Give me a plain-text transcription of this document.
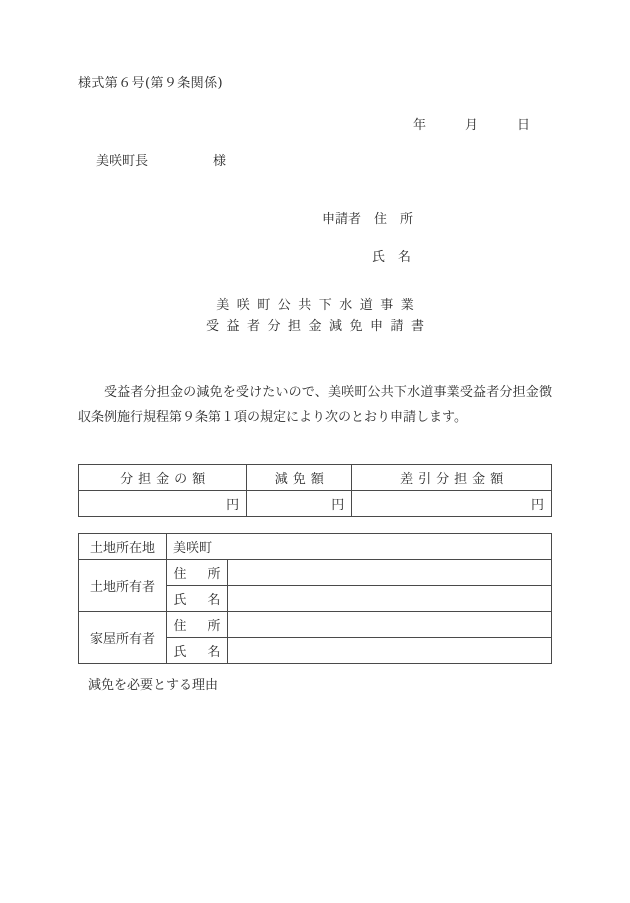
様式第６号(第９条関係)
年　　　月　　　日
美咲町長　　　　　様
申請者　住　所
氏　名
美咲町公共下水道事業
受益者分担金減免申請書
受益者分担金の減免を受けたいので、美咲町公共下水道事業受益者分担金徴収条例施行規程第９条第１項の規定により次のとおり申請します。
分担金の額	減免額	差引分担金額
円	円	円
土地所在地	美咲町	
土地所有者	住　所	
	氏　名	
家屋所有者	住　所	
	氏　名	
減免を必要とする理由
